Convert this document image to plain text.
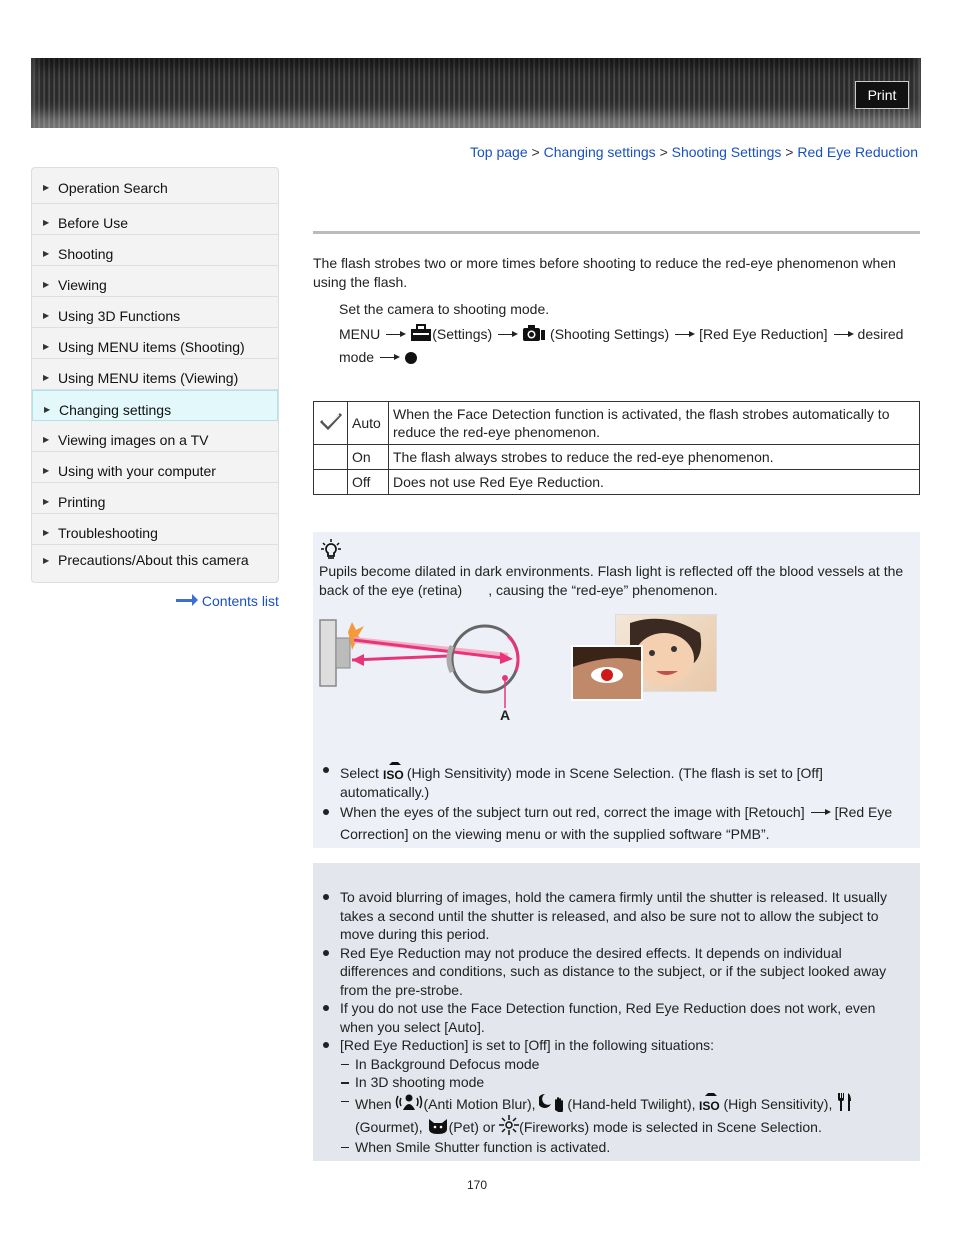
Print
Top page > Changing settings > Shooting Settings > Red Eye Reduction
▶ Operation Search
▶ Before Use
▶ Shooting
▶ Viewing
▶ Using 3D Functions
▶ Using MENU items (Shooting)
▶ Using MENU items (Viewing)
▶ Changing settings
▶ Viewing images on a TV
▶ Using with your computer
▶ Printing
▶ Troubleshooting
▶ Precautions/About this camera
Contents list
The flash strobes two or more times before shooting to reduce the red-eye phenomenon when
using the flash.
Set the camera to shooting mode.
MENU	(Settings)	(Shooting Settings) [Red Eye Reduction] desired
mode
	Auto	When the Face Detection function is activated, the flash strobes automatically to reduce the red-eye phenomenon.
	On	The flash always strobes to reduce the red-eye phenomenon.
	Off	Does not use Red Eye Reduction.
Pupils become dilated in dark environments. Flash light is reflected off the blood vessels at the
back of the eye (retina) , causing the “red-eye” phenomenon.
A
Select ISO (High Sensitivity) mode in Scene Selection. (The flash is set to [Off]
automatically.)
When the eyes of the subject turn out red, correct the image with [Retouch] [Red Eye
Correction] on the viewing menu or with the supplied software “PMB”.
To avoid blurring of images, hold the camera firmly until the shutter is released. It usually
takes a second until the shutter is released, and also be sure not to allow the subject to
move during this period.
Red Eye Reduction may not produce the desired effects. It depends on individual
differences and conditions, such as distance to the subject, or if the subject looked away
from the pre-strobe.
If you do not use the Face Detection function, Red Eye Reduction does not work, even
when you select [Auto].
[Red Eye Reduction] is set to [Off] in the following situations:
In Background Defocus mode
In 3D shooting mode
When (Anti Motion Blur), (Hand-held Twilight), ISO (High Sensitivity),
(Gourmet), (Pet) or (Fireworks) mode is selected in Scene Selection.
When Smile Shutter function is activated.
170
